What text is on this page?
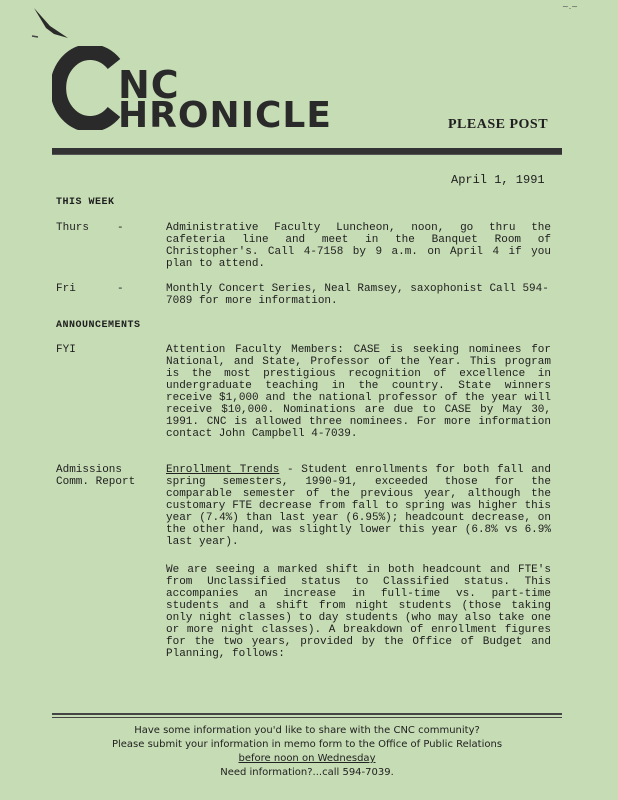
~.~
NC
HRONICLE	PLEASE POST
April 1, 1991
THIS WEEK
Thurs	-	Administrative Faculty Luncheon, noon, go thru the cafeteria line and meet in the Banquet Room of Christopher's. Call 4-7158 by 9 a.m. on April 4 if you plan to attend.
Fri	-	Monthly Concert Series, Neal Ramsey, saxophonist Call 594-7089 for more information.
ANNOUNCEMENTS
FYI	Attention Faculty Members: CASE is seeking nominees for National, and State, Professor of the Year. This program is the most prestigious recognition of excellence in undergraduate teaching in the country. State winners receive $1,000 and the national professor of the year will receive $10,000. Nominations are due to CASE by May 30, 1991. CNC is allowed three nominees. For more information contact John Campbell 4-7039.
Admissions
Comm. Report
Enrollment Trends - Student enrollments for both fall and spring semesters, 1990-91, exceeded those for the comparable semester of the previous year, although the customary FTE decrease from fall to spring was higher this year (7.4%) than last year (6.95%); headcount decrease, on the other hand, was slightly lower this year (6.8% vs 6.9% last year).
We are seeing a marked shift in both headcount and FTE's from Unclassified status to Classified status. This accompanies an increase in full-time vs. part-time students and a shift from night students (those taking only night classes) to day students (who may also take one or more night classes). A breakdown of enrollment figures for the two years, provided by the Office of Budget and Planning, follows:
Have some information you'd like to share with the CNC community?
Please submit your information in memo form to the Office of Public Relations
before noon on Wednesday
Need information?...call 594-7039.
